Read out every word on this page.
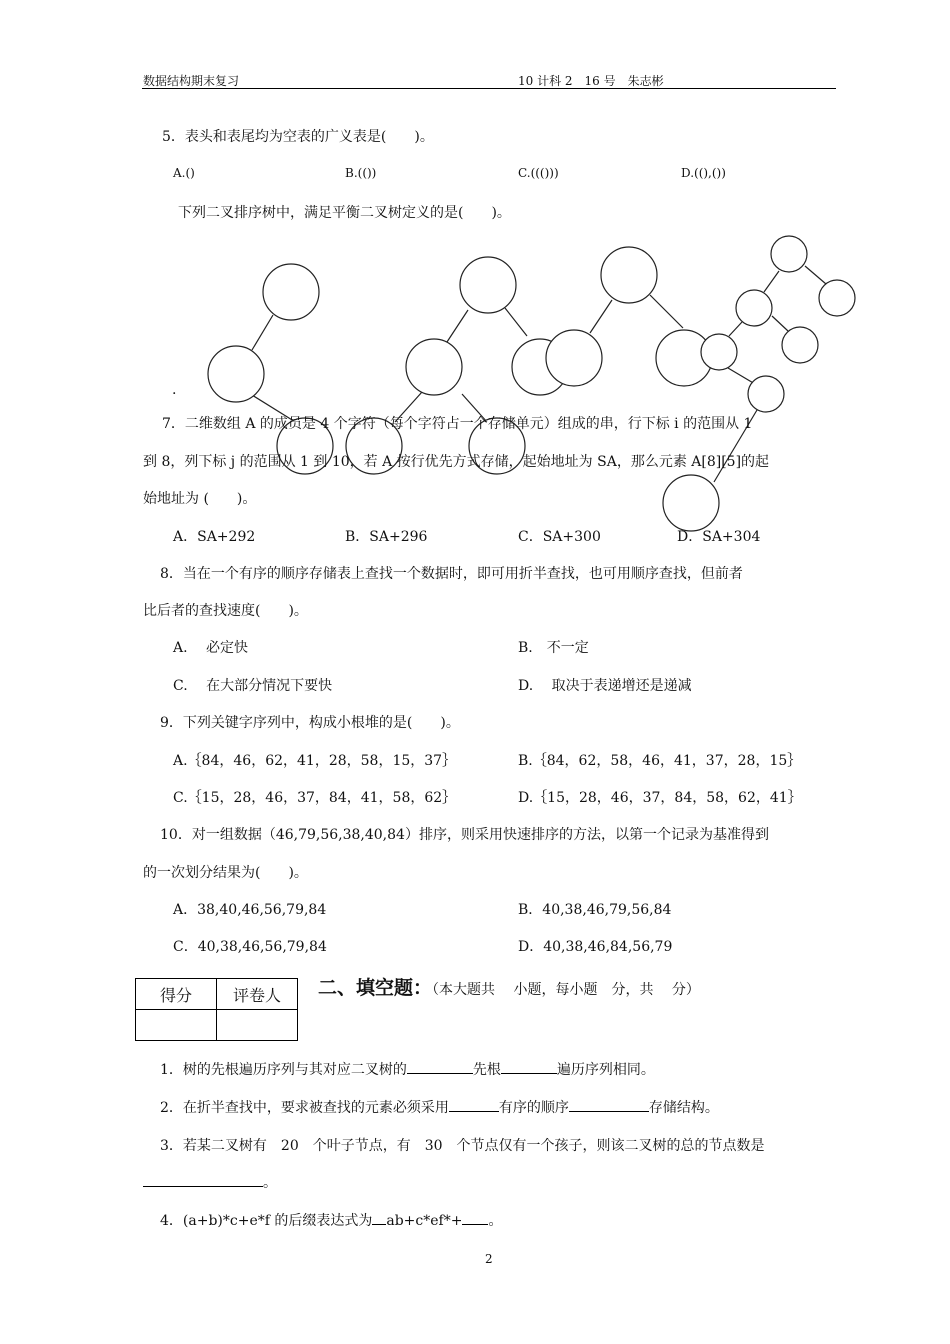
数据结构期末复习	10 计科 2　16 号　朱志彬
5．表头和表尾均为空表的广义表是(　　)。
A.()	B.(())	C.((()))	D.((),())
下列二叉排序树中，满足平衡二叉树定义的是(　　)。
.
7．二维数组 A 的成员是 4 个字符（每个字符占一个存储单元）组成的串，行下标 i 的范围从 1
到 8，列下标 j 的范围从 1 到 10，若 A 按行优先方式存储，起始地址为 SA，那么元素 A[8][5]的起
始地址为 (　　)。
A．SA+292	B．SA+296	C．SA+300	D．SA+304
8．当在一个有序的顺序存储表上查找一个数据时，即可用折半查找，也可用顺序查找，但前者
比后者的查找速度(　　)。
A.　 必定快	B.　不一定
C.　 在大部分情况下要快	D.　 取决于表递增还是递减
9．下列关键字序列中，构成小根堆的是(　　)。
A.｛84，46，62，41，28，58，15，37｝	B.｛84，62，58，46，41，37，28，15｝
C.｛15，28，46，37，84，41，58，62｝	D.｛15，28，46，37，84，58，62，41｝
10．对一组数据（46,79,56,38,40,84）排序，则采用快速排序的方法，以第一个记录为基准得到
的一次划分结果为(　　)。
A．38,40,46,56,79,84	B．40,38,46,79,56,84
C．40,38,46,56,79,84	D．40,38,46,84,56,79
得分	评卷人
	二、填空题：（本大题共　 小题，每小题　分，共　 分）
1．树的先根遍历序列与其对应二叉树的	先根	遍历序列相同。
2．在折半查找中，要求被查找的元素必须采用	有序的顺序	存储结构。
3．若某二叉树有　20　个叶子节点，有　30　个节点仅有一个孩子，则该二叉树的总的节点数是
。
4．(a+b)*c+e*f 的后缀表达式为 ab+c*ef*+ 。
2
